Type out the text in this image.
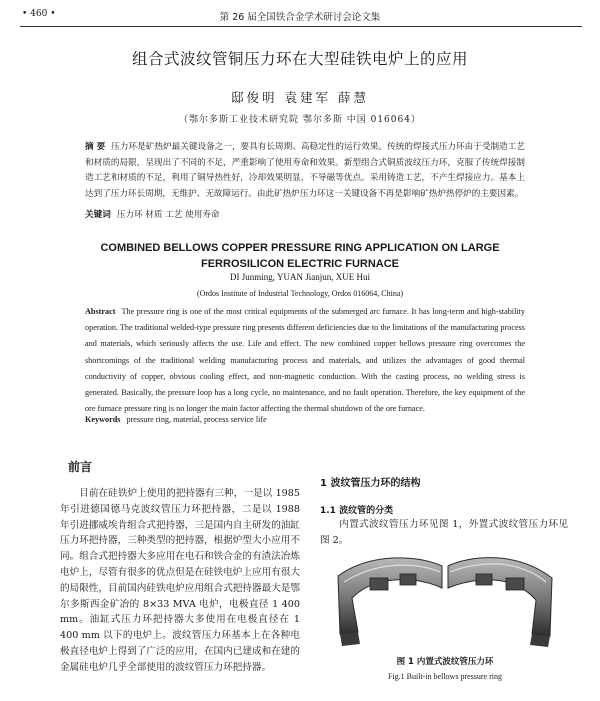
• 460 •	第 26 届全国铁合金学术研讨会论文集
组合式波纹管铜压力环在大型硅铁电炉上的应用
邸俊明 袁建军 薛慧
（鄂尔多斯工业技术研究院 鄂尔多斯 中国 016064）
摘 要 压力环是矿热炉最关键设备之一，要具有长周期、高稳定性的运行效果。传统的焊接式压力环由于受制造工艺和材质的局限，呈现出了不同的不足，严重影响了使用寿命和效果。新型组合式铜质波纹压力环，克服了传统焊接制造工艺和材质的不足，利用了铜导热性好，冷却效果明显，不导磁等优点。采用铸造工艺，不产生焊接应力。基本上达到了压力环长周期，无维护、无故障运行。由此矿热炉压力环这一关键设备不再是影响矿热炉热停炉的主要因素。
关键词 压力环 材质 工艺 使用寿命
COMBINED BELLOWS COPPER PRESSURE RING APPLICATION ON LARGE FERROSILICON ELECTRIC FURNACE
DI Junming, YUAN Jianjun, XUE Hui
(Ordos Institute of Industrial Technology, Ordos 016064, China)
Abstract The pressure ring is one of the most critical equipments of the submerged arc furnace. It has long-term and high-stability operation. The traditional welded-type pressure ring presents different deficiencies due to the limitations of the manufacturing process and materials, which seriously affects the use. Life and effect. The new combined copper bellows pressure ring overcomes the shortcomings of the traditional welding manufacturing process and materials, and utilizes the advantages of good thermal conductivity of copper, obvious cooling effect, and non-magnetic conduction. With the casting process, no welding stress is generated. Basically, the pressure loop has a long cycle, no maintenance, and no fault operation. Therefore, the key equipment of the ore furnace pressure ring is no longer the main factor affecting the thermal shutdown of the ore furnace.
Keywords pressure ring, material, process service life
前言

目前在硅铁炉上使用的把持器有三种，一是以 1985 年引进德国德马克波纹管压力环把持器，二是以 1988 年引进挪威埃肯组合式把持器，三是国内自主研发的油缸压力环把持器，三种类型的把持器，根据炉型大小应用不同。组合式把持器大多应用在电石和铁合金的有渣法冶炼电炉上，尽管有很多的优点但是在硅铁电炉上应用有很大的局限性，目前国内硅铁电炉应用组合式把持器最大是鄂尔多斯西金矿冶的 8×33 MVA 电炉，电极直径 1 400 mm。油缸式压力环把持器大多使用在电极直径在 1 400 mm 以下的电炉上。波纹管压力环基本上在各种电极直径电炉上得到了广泛的应用，在国内已建成和在建的金属硅电炉几乎全部使用的波纹管压力环把持器。

1 波纹管压力环的结构
1.1 波纹管的分类
内置式波纹管压力环见图 1，外置式波纹管压力环见图 2。
图 1 内置式波纹管压力环
Fig.1 Built-in bellows pressure ring
